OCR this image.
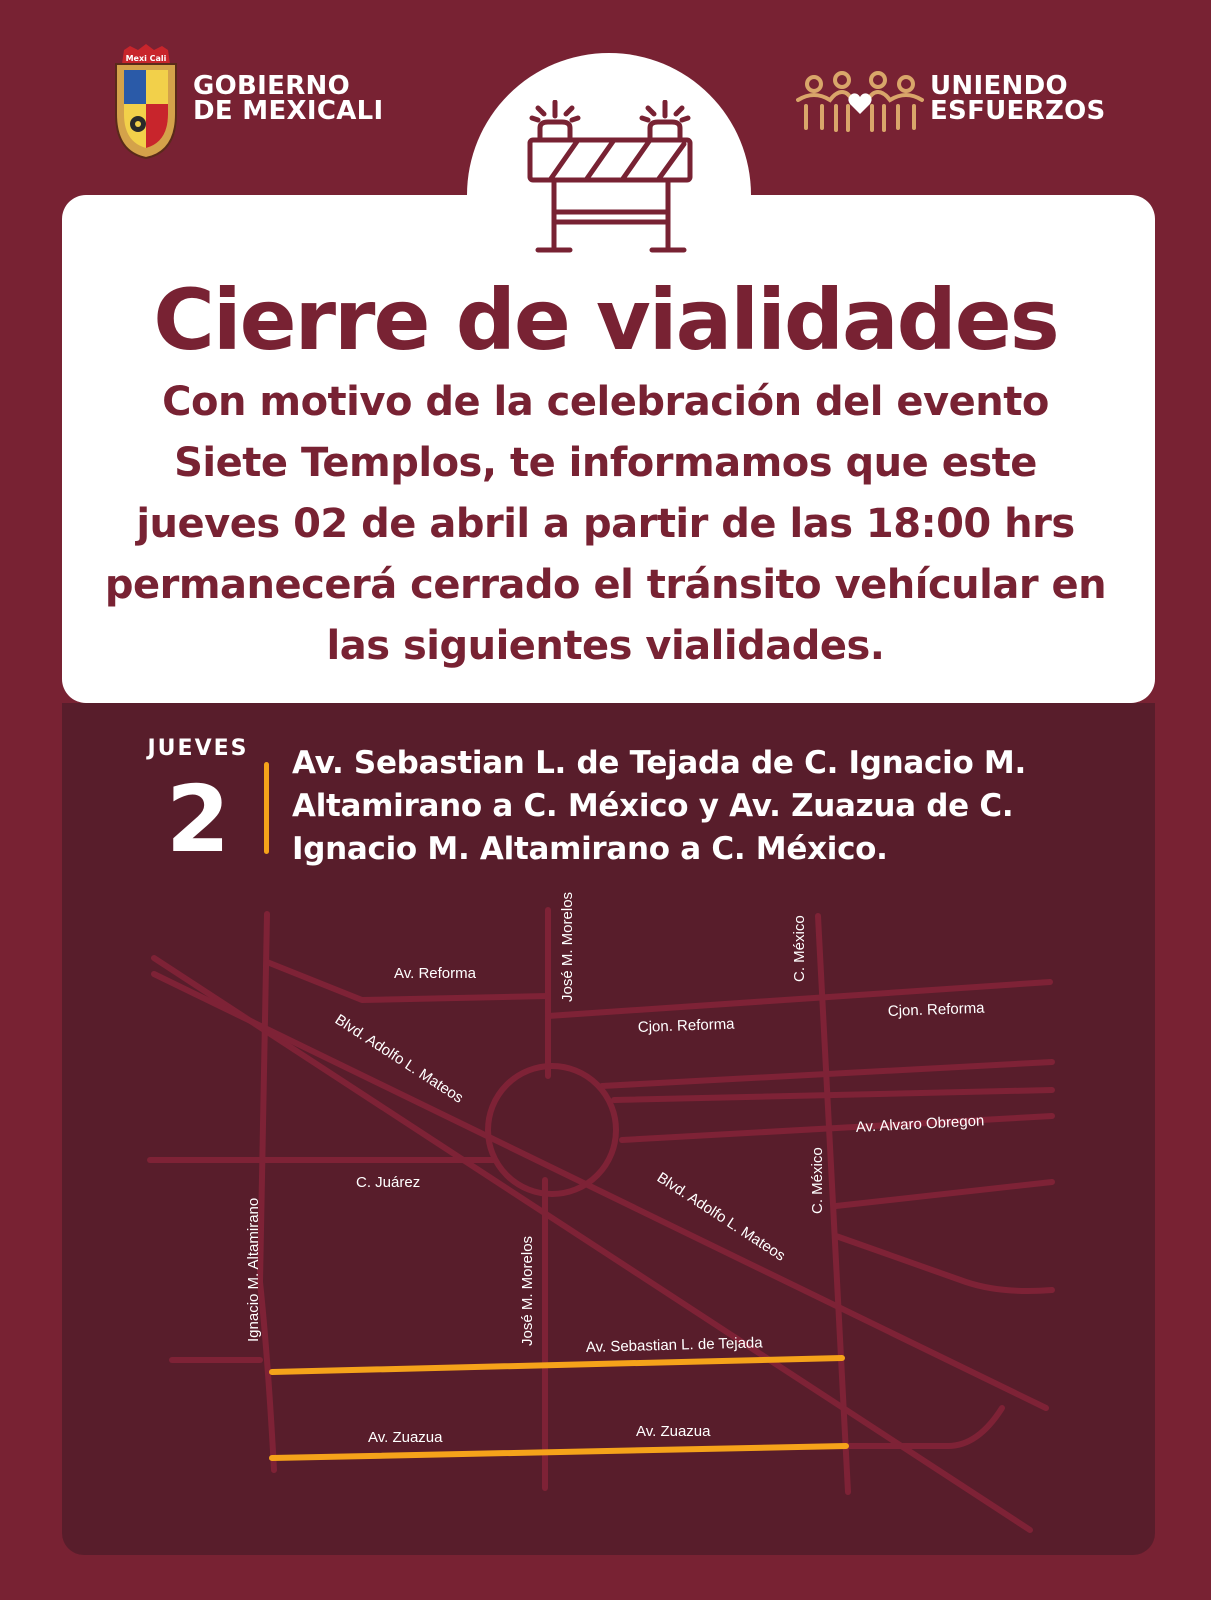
Mexi Cali
GOBIERNO
DE MEXICALI
UNIENDO
ESFUERZOS
Cierre de vialidades

Con motivo de la celebración del evento Siete Templos, te informamos que este jueves 02 de abril a partir de las 18:00 hrs permanecerá cerrado el tránsito vehícular en las siguientes vialidades.

JUEVES
2

Av. Sebastian L. de Tejada de C. Ignacio M. Altamirano a C. México y Av. Zuazua de C. Ignacio M. Altamirano a C. México.

Av. Reforma	José M. Morelos	C. México
Cjon. Reforma
Cjon. Reforma
Blvd. Adolfo L. Mateos
Av. Alvaro Obregon
C. Juárez	C. México
Blvd. Adolfo L. Mateos
Ignacio M. Altamirano	José M. Morelos	Av. Sebastian L. de Tejada
Av. Zuazua	Av. Zuazua
